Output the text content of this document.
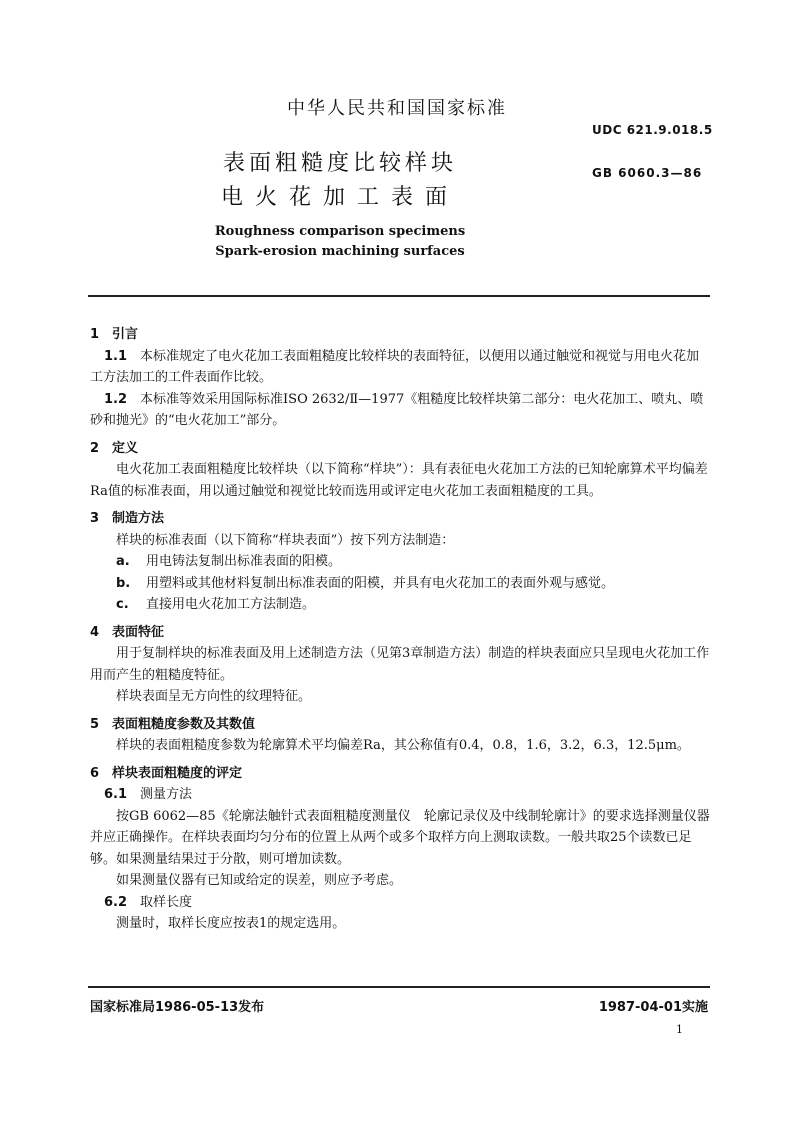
中华人民共和国国家标准
UDC 621.9.018.5
表面粗糙度比较样块	GB 6060.3—86
电火花加工表面
Roughness comparison specimens
Spark-erosion machining surfaces
1 引言

1.1　 本标准规定了电火花加工表面粗糙度比较样块的表面特征，以便用以通过触觉和视觉与用电火花加工方法加工的工件表面作比较。

1.2　 本标准等效采用国际标准ISO 2632/Ⅱ—1977《粗糙度比较样块第二部分：电火花加工、喷丸、喷砂和抛光》的“电火花加工”部分。

2 定义

电火花加工表面粗糙度比较样块（以下简称“样块”）：具有表征电火花加工方法的已知轮廓算术平均偏差Ra值的标准表面，用以通过触觉和视觉比较而选用或评定电火花加工表面粗糙度的工具。

3 制造方法

样块的标准表面（以下简称“样块表面”）按下列方法制造：

a. 用电铸法复制出标准表面的阳模。

b. 用塑料或其他材料复制出标准表面的阳模，并具有电火花加工的表面外观与感觉。

c. 直接用电火花加工方法制造。

4 表面特征

用于复制样块的标准表面及用上述制造方法（见第3章制造方法）制造的样块表面应只呈现电火花加工作用而产生的粗糙度特征。

样块表面呈无方向性的纹理特征。

5 表面粗糙度参数及其数值

样块的表面粗糙度参数为轮廓算术平均偏差Ra，其公称值有0.4，0.8，1.6，3.2，6.3，12.5μm。

6 样块表面粗糙度的评定

6.1　 测量方法

按GB 6062—85《轮廓法触针式表面粗糙度测量仪　轮廓记录仪及中线制轮廓计》的要求选择测量仪器并应正确操作。在样块表面均匀分布的位置上从两个或多个取样方向上测取读数。一般共取25个读数已足够。如果测量结果过于分散，则可增加读数。

如果测量仪器有已知或给定的误差，则应予考虑。

6.2　 取样长度

测量时，取样长度应按表1的规定选用。

国家标准局1986-05-13发布	1987-04-01实施
1
